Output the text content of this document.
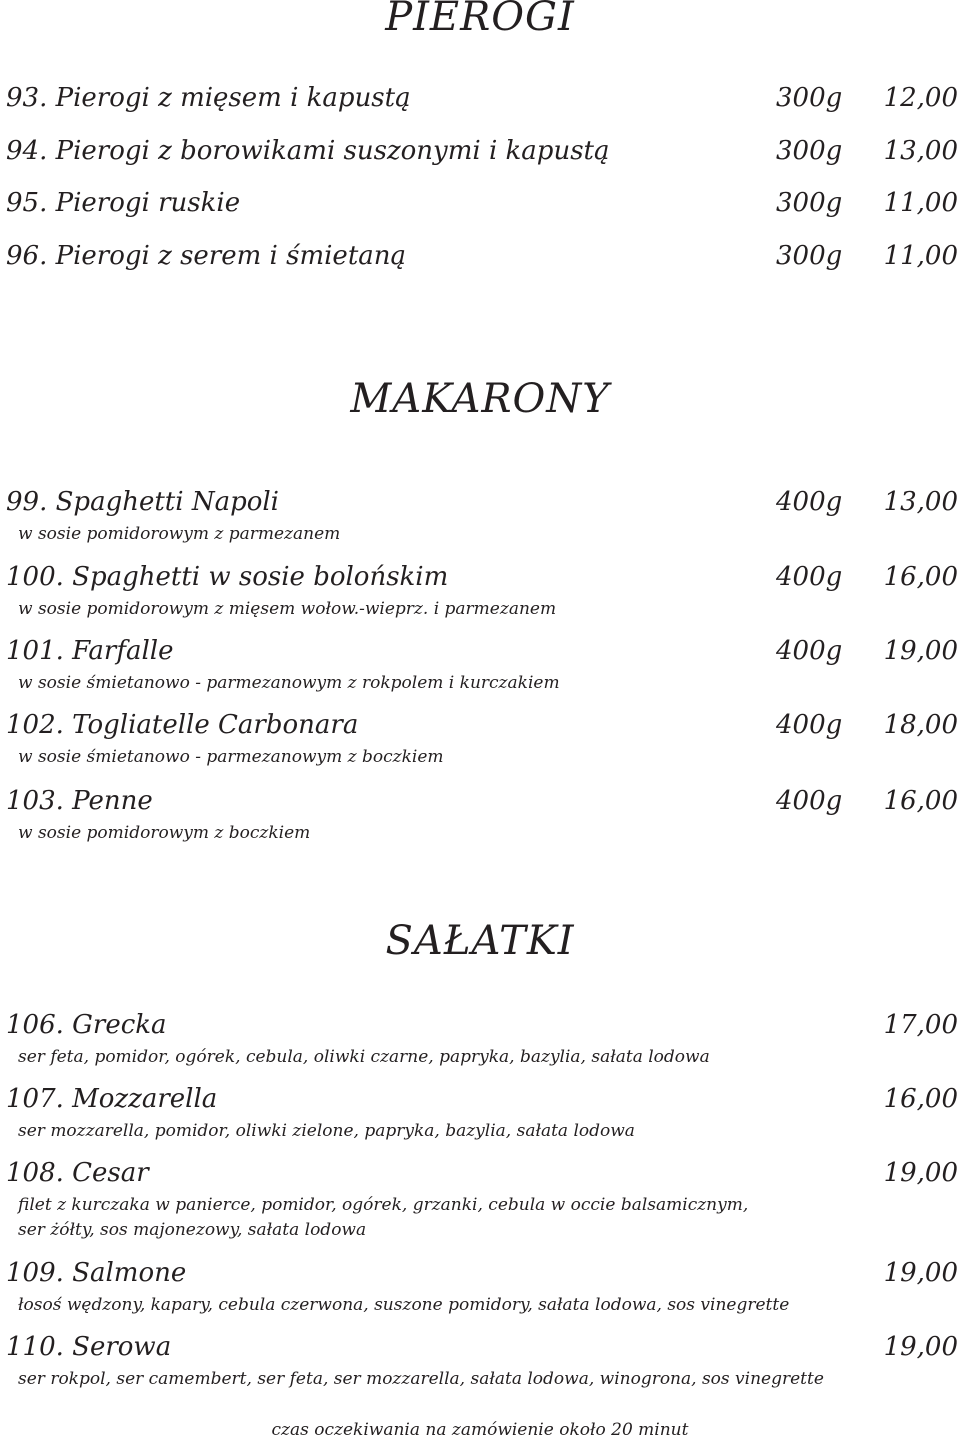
PIEROGI
93. Pierogi z mięsem i kapustą	300g 12,00
94. Pierogi z borowikami suszonymi i kapustą	300g 13,00
95. Pierogi ruskie	300g 11,00
96. Pierogi z serem i śmietaną	300g 11,00
MAKARONY
99. Spaghetti Napoli	400g 13,00
w sosie pomidorowym z parmezanem
100. Spaghetti w sosie bolońskim	400g 16,00
w sosie pomidorowym z mięsem wołow.-wieprz. i parmezanem
101. Farfalle	400g 19,00
w sosie śmietanowo - parmezanowym z rokpolem i kurczakiem
102. Togliatelle Carbonara	400g 18,00
w sosie śmietanowo - parmezanowym z boczkiem
103. Penne	400g 16,00
w sosie pomidorowym z boczkiem
SAŁATKI
106. Grecka	17,00
ser feta, pomidor, ogórek, cebula, oliwki czarne, papryka, bazylia, sałata lodowa
107. Mozzarella	16,00
ser mozzarella, pomidor, oliwki zielone, papryka, bazylia, sałata lodowa
108. Cesar	19,00
filet z kurczaka w panierce, pomidor, ogórek, grzanki, cebula w occie balsamicznym,
ser żółty, sos majonezowy, sałata lodowa
109. Salmone	19,00
łosoś wędzony, kapary, cebula czerwona, suszone pomidory, sałata lodowa, sos vinegrette
110. Serowa	19,00
ser rokpol, ser camembert, ser feta, ser mozzarella, sałata lodowa, winogrona, sos vinegrette
czas oczekiwania na zamówienie około 20 minut
